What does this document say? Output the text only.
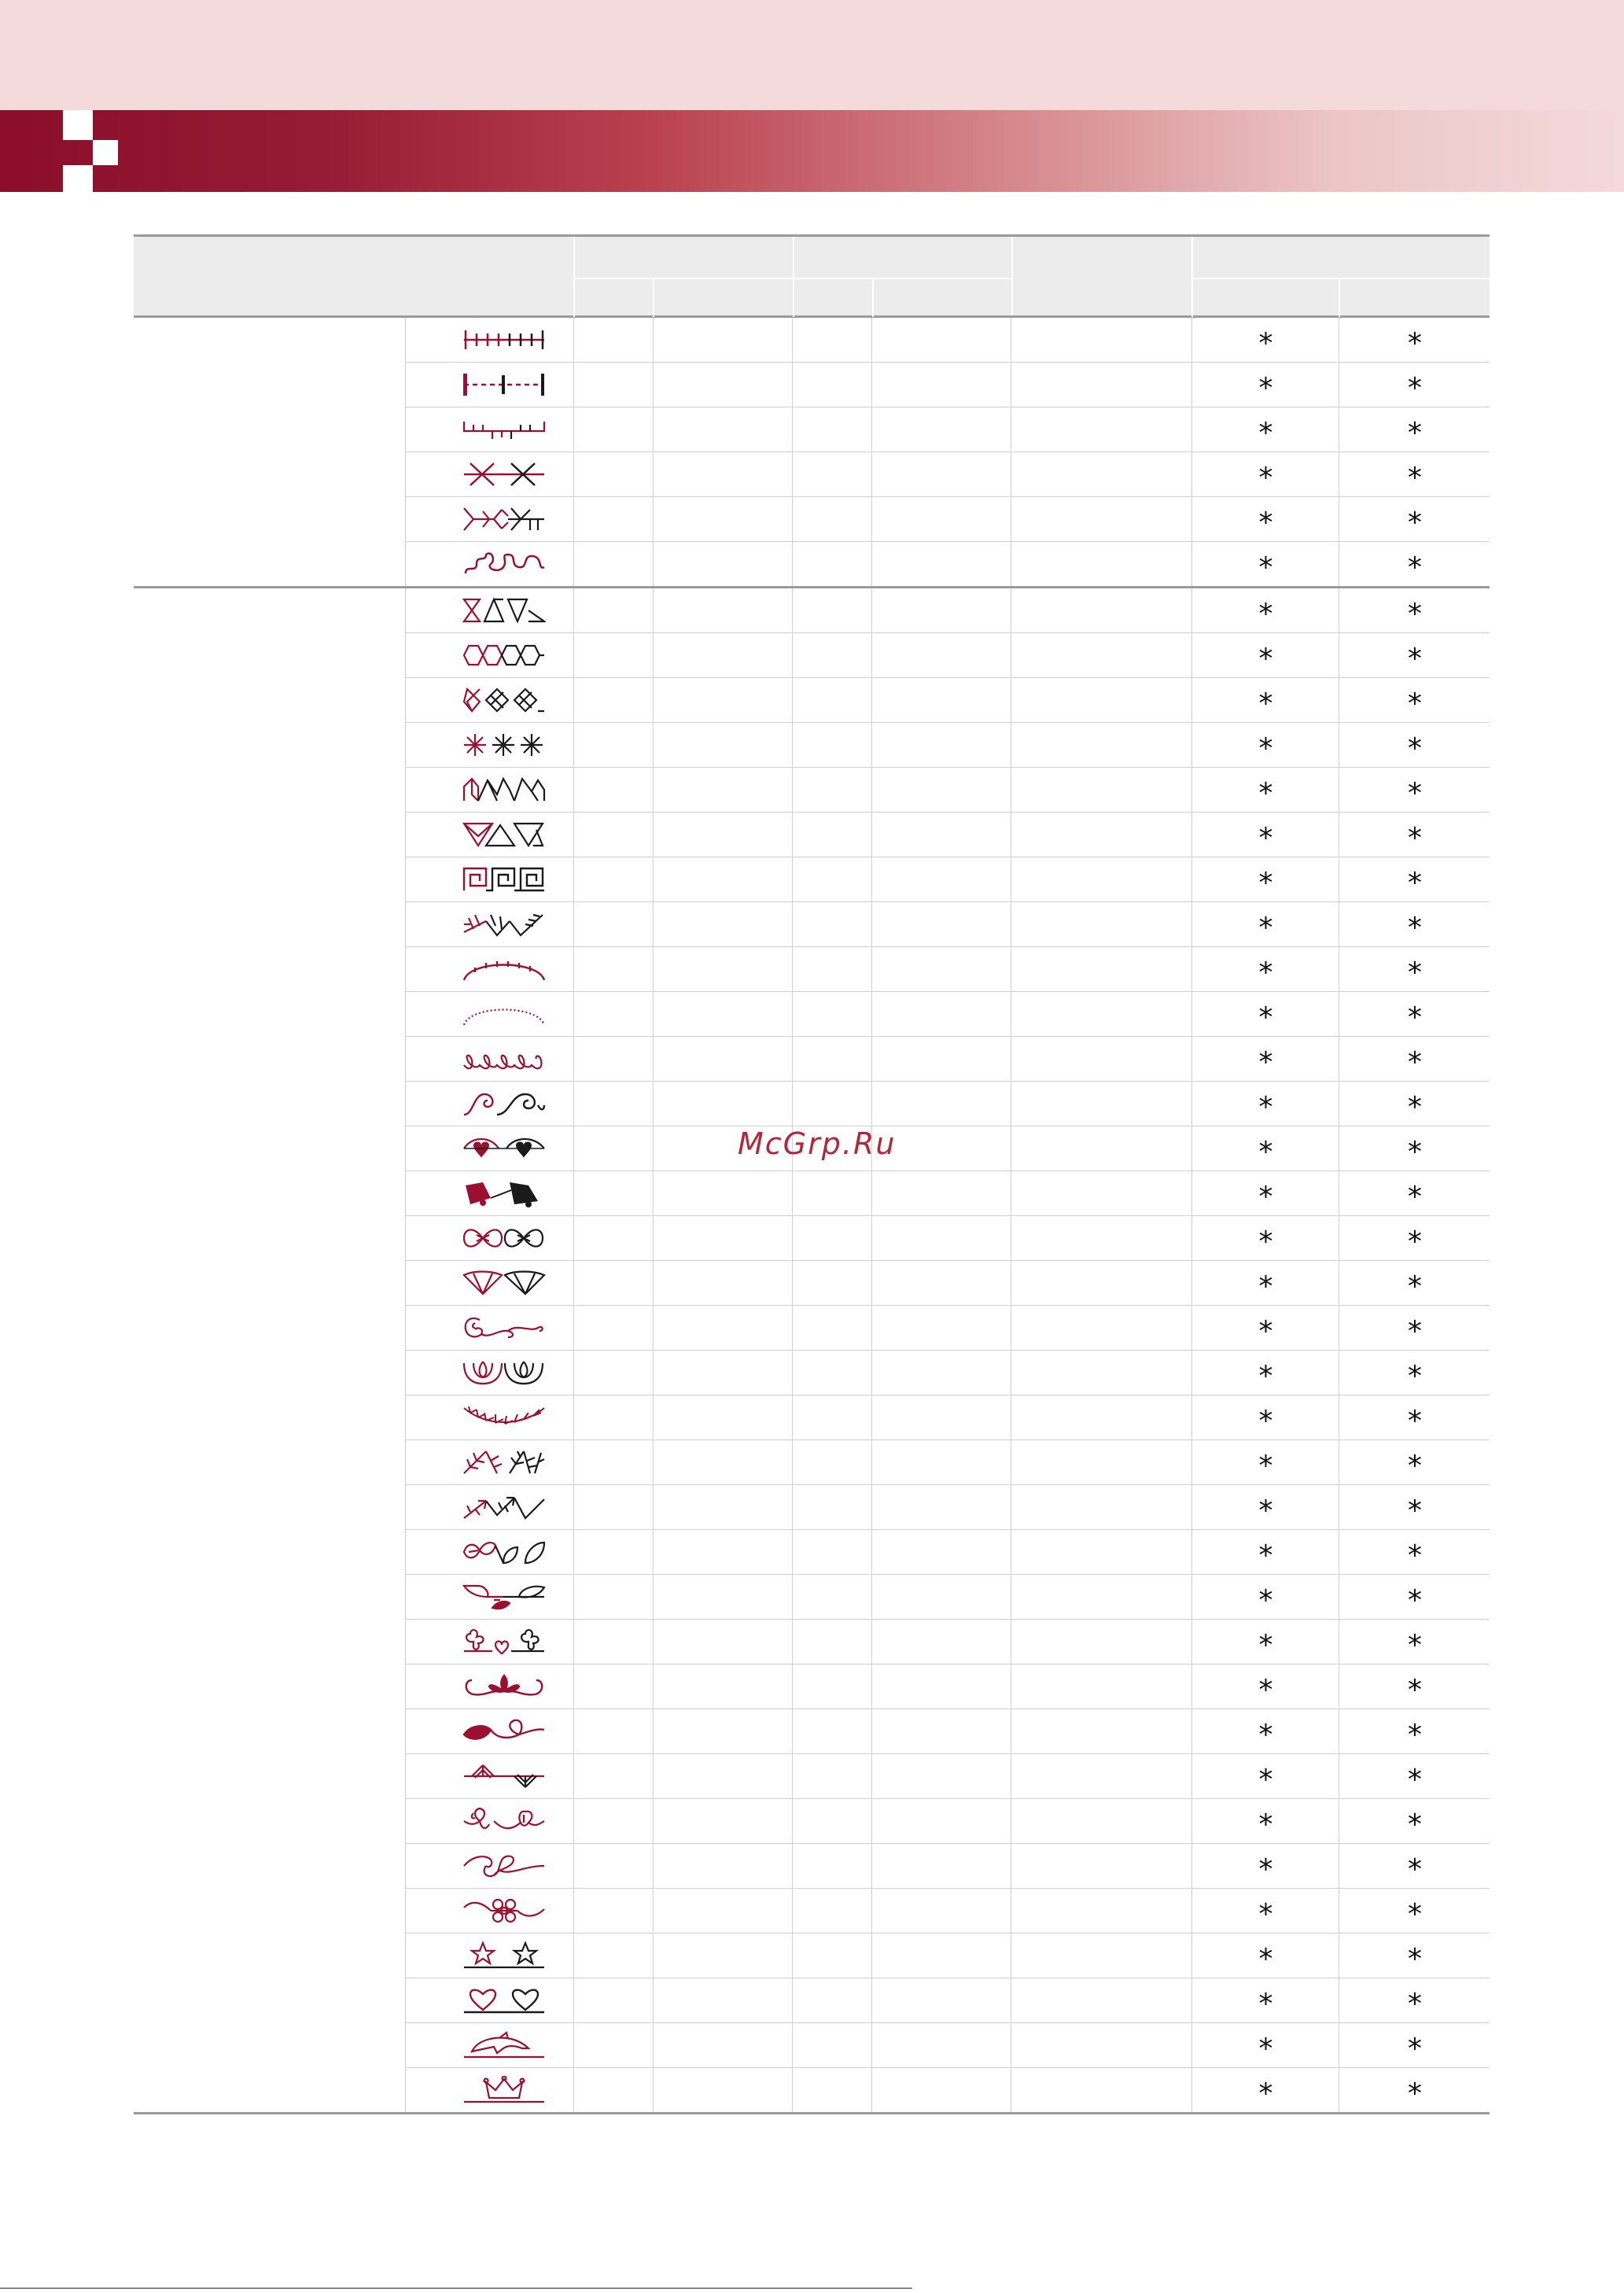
*	*
*	*
*	*
*	*
*	*
*	*
*	*
*	*
*	*
*	*
*	*
*	*
*	*
*	*
*	*
*	*
*	*
*	*
*	*
*	*
*	*
*	*
*	*
*	*
*	*
*	*
*	*
*	*
*	*
*	*
*	*
*	*
*	*
*	*
*	*
*	*
*	*
*	*
*	*
*	*
McGrp.Ru
